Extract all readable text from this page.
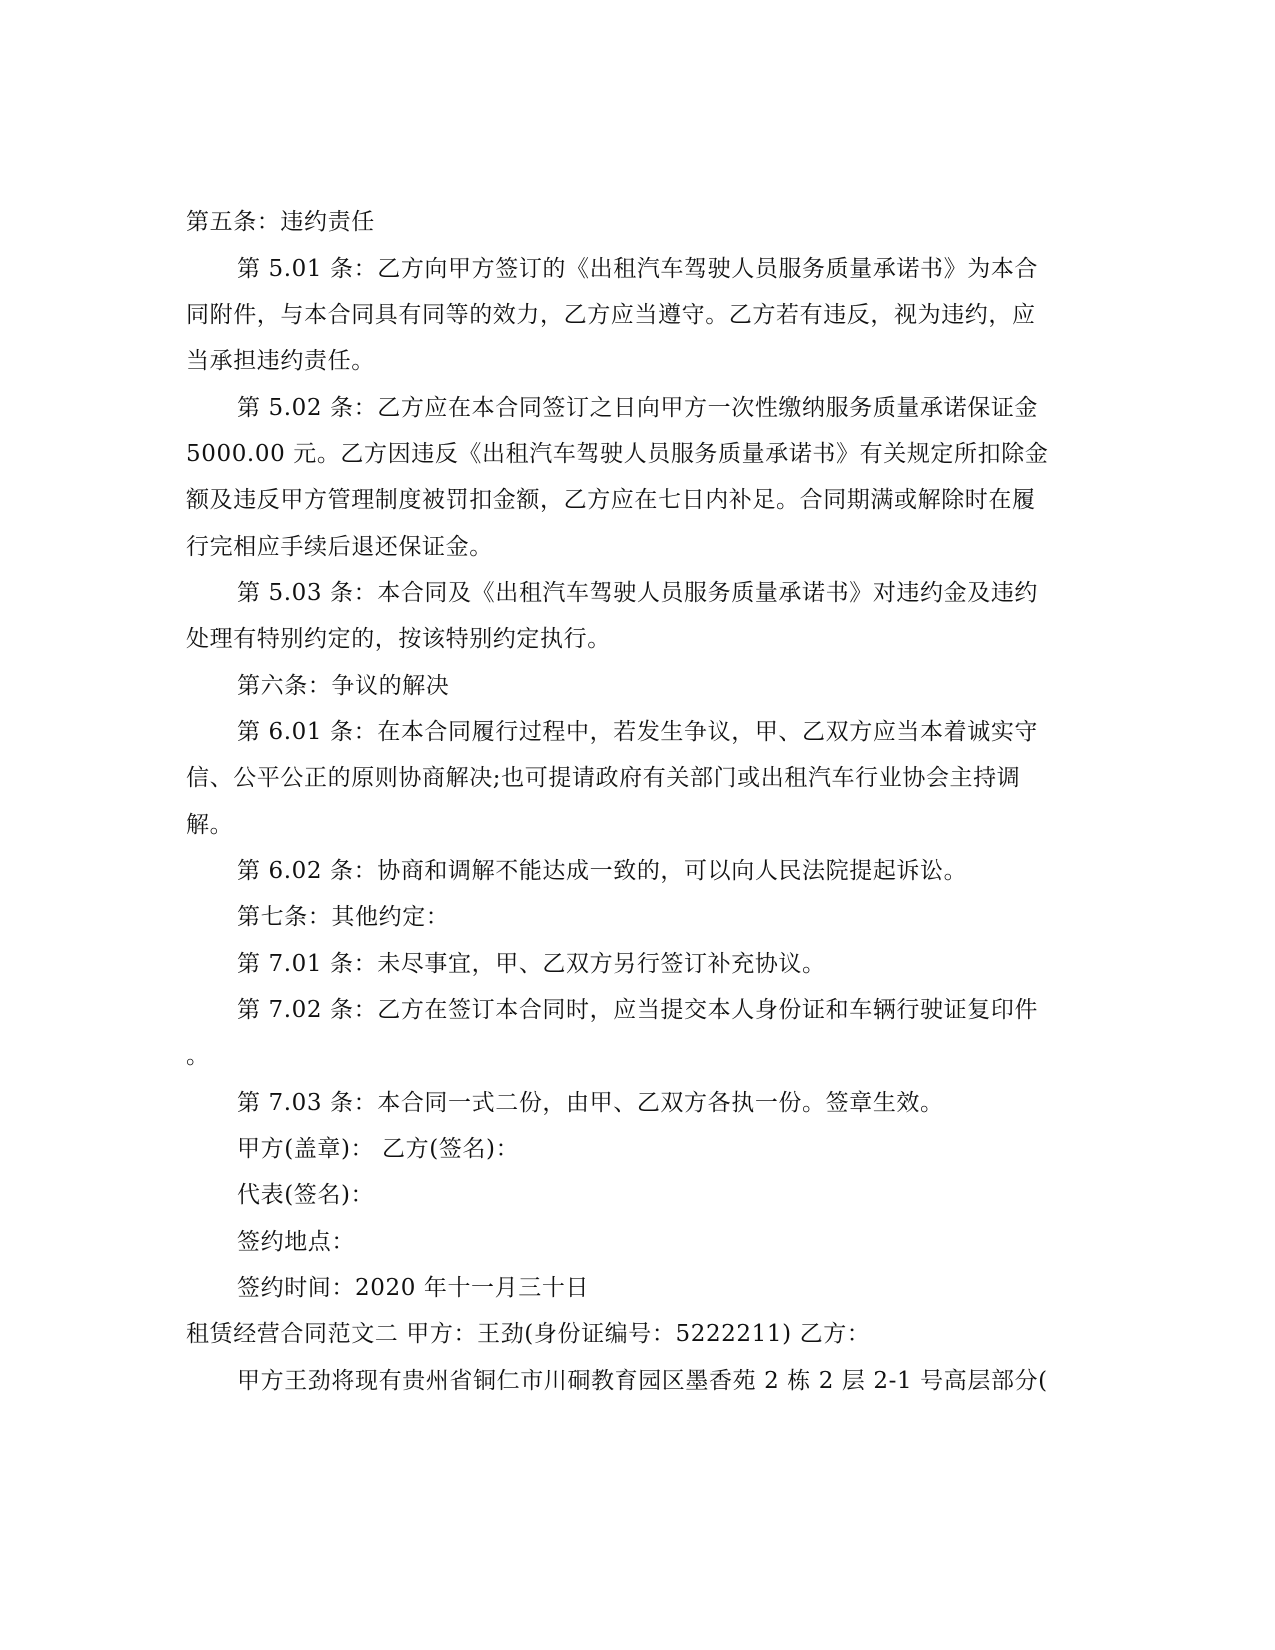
第五条：违约责任
第 5.01 条：乙方向甲方签订的《出租汽车驾驶人员服务质量承诺书》为本合
同附件，与本合同具有同等的效力，乙方应当遵守。乙方若有违反，视为违约，应
当承担违约责任。
第 5.02 条：乙方应在本合同签订之日向甲方一次性缴纳服务质量承诺保证金
5000.00 元。乙方因违反《出租汽车驾驶人员服务质量承诺书》有关规定所扣除金
额及违反甲方管理制度被罚扣金额，乙方应在七日内补足。合同期满或解除时在履
行完相应手续后退还保证金。
第 5.03 条：本合同及《出租汽车驾驶人员服务质量承诺书》对违约金及违约
处理有特别约定的，按该特别约定执行。
第六条：争议的解决
第 6.01 条：在本合同履行过程中，若发生争议，甲、乙双方应当本着诚实守
信、公平公正的原则协商解决;也可提请政府有关部门或出租汽车行业协会主持调
解。
第 6.02 条：协商和调解不能达成一致的，可以向人民法院提起诉讼。
第七条：其他约定：
第 7.01 条：未尽事宜，甲、乙双方另行签订补充协议。
第 7.02 条：乙方在签订本合同时，应当提交本人身份证和车辆行驶证复印件
。
第 7.03 条：本合同一式二份，由甲、乙双方各执一份。签章生效。
甲方(盖章)： 乙方(签名)：
代表(签名)：
签约地点：
签约时间：2020 年十一月三十日
租赁经营合同范文二 甲方：王劲(身份证编号：5222211) 乙方：
甲方王劲将现有贵州省铜仁市川硐教育园区墨香苑 2 栋 2 层 2-1 号高层部分(
